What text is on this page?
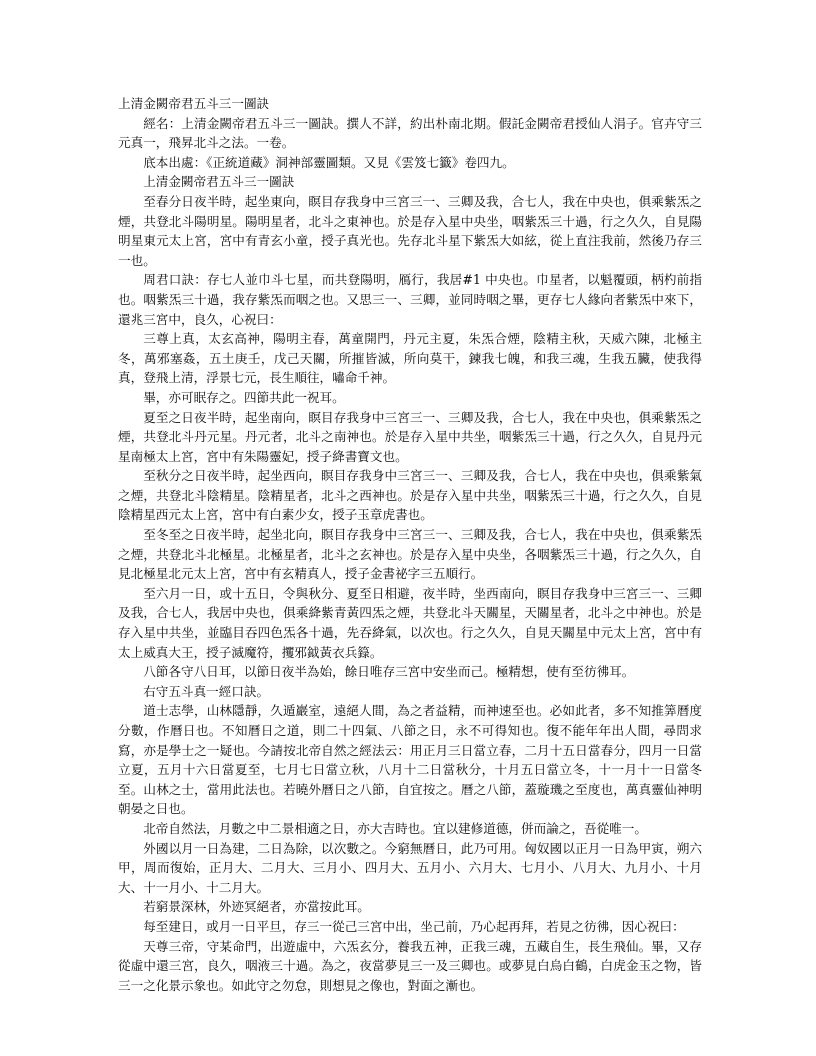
上清金闕帝君五斗三一圖訣

經名：上清金闕帝君五斗三一圖訣。撰人不詳，約出朴南北期。假託金闕帝君授仙人涓子。官卉守三元真一，飛昇北斗之法。一卷。

底本出處：《正統道藏》洞神部靈圖類。又見《雲笈七籤》卷四九。

上清金闕帝君五斗三一圖訣

至春分日夜半時，起坐東向，瞑目存我身中三宮三一、三卿及我，合七人，我在中央也，俱乘紫炁之煙，共登北斗陽明星。陽明星者，北斗之東神也。於是存入星中央坐，咽紫炁三十過，行之久久，自見陽明星東元太上宮，宮中有青玄小童，授子真光也。先存北斗星下紫炁大如絃，從上直注我前，然後乃存三一也。

周君口訣：存七人並巾斗七星，而共登陽明，鴈行，我居#1 中央也。巾星者，以魁覆頭，柄杓前指也。咽紫炁三十過，我存紫炁而咽之也。又思三一、三卿，並同時咽之畢，更存七人緣向者紫炁中來下，還兆三宮中，良久，心祝曰：

三尊上真，太玄高神，陽明主春，萬童開門，丹元主夏，朱炁合煙，陰精主秋，天威六陳，北極主冬，萬邪塞姦，五土庚壬，戊己天關，所摧皆滅，所向莫干，鍊我七魄，和我三魂，生我五臟，使我得真，登飛上清，浮景七元，長生順往，嘯命千神。

畢，亦可眠存之。四節共此一祝耳。

夏至之日夜半時，起坐南向，瞑目存我身中三宮三一、三卿及我，合七人，我在中央也，俱乘紫炁之煙，共登北斗丹元星。丹元者，北斗之南神也。於是存入星中共坐，咽紫炁三十過，行之久久，自見丹元星南極太上宮，宮中有朱陽靈妃，授子絳書寶文也。

至秋分之日夜半時，起坐西向，瞑目存我身中三宮三一、三卿及我，合七人，我在中央也，俱乘紫氣之煙，共登北斗陰精星。陰精星者，北斗之西神也。於是存入星中共坐，咽紫炁三十過，行之久久，自見陰精星西元太上宮，宮中有白素少女，授子玉章虎書也。

至冬至之日夜半時，起坐北向，瞑目存我身中三宮三一、三卿及我，合七人，我在中央也，俱乘紫炁之煙，共登北斗北極星。北極星者，北斗之玄神也。於是存入星中央坐，各咽紫炁三十過，行之久久，自見北極星北元太上宮，宮中有玄精真人，授子金書祕字三五順行。

至六月一日，或十五日，令與秋分、夏至日相避，夜半時，坐西南向，瞑目存我身中三宮三一、三卿及我，合七人，我居中央也，俱乘絳紫青黃四炁之煙，共登北斗天關星，天關星者，北斗之中神也。於是存入星中共坐，並臨目吞四色炁各十過，先吞絳氣，以次也。行之久久，自見天關星中元太上宮，宮中有太上威真大王，授子滅魔符，攫邪鉞黃衣兵籙。

八節各守八日耳，以節日夜半為始，餘日唯存三宮中安坐而己。極精想，使有至彷彿耳。

右守五斗真一經口訣。

道士志學，山林隱靜，久遁巖室，遠絕人間，為之者益精，而神速至也。必如此者，多不知推筭曆度分數，作曆日也。不知曆日之道，則二十四氣、八節之日，永不可得知也。復不能年年出人間，尋問求寫，亦是學士之一疑也。今請按北帝自然之經法云：用正月三日當立春，二月十五日當春分，四月一日當立夏，五月十六日當夏至，七月七日當立秋，八月十二日當秋分，十月五日當立冬，十一月十一日當冬至。山林之士，當用此法也。若曉外曆日之八節，自宜按之。曆之八節，蓋璇璣之至度也，萬真靈仙神明朝晏之日也。

北帝自然法，月數之中二景相適之日，亦大吉時也。宜以建修道德，併而論之，吾從唯一。

外國以月一日為建，二日為除，以次數之。今窮無曆日，此乃可用。匈奴國以正月一日為甲寅，朔六甲，周而復始，正月大、二月大、三月小、四月大、五月小、六月大、七月小、八月大、九月小、十月大、十一月小、十二月大。

若窮景深林，外迹冥絕者，亦當按此耳。

每至建日，或月一日平旦，存三一從己三宮中出，坐己前，乃心起再拜，若見之彷彿，因心祝曰：

天尊三帝，守某命門，出遊虛中，六炁玄分，養我五神，正我三魂，五藏自生，長生飛仙。畢，又存從虛中還三宮，良久，咽液三十過。為之，夜當夢見三一及三卿也。或夢見白烏白鶴，白虎金玉之物，皆三一之化景示象也。如此守之勿怠，則想見之像也，對面之漸也。
